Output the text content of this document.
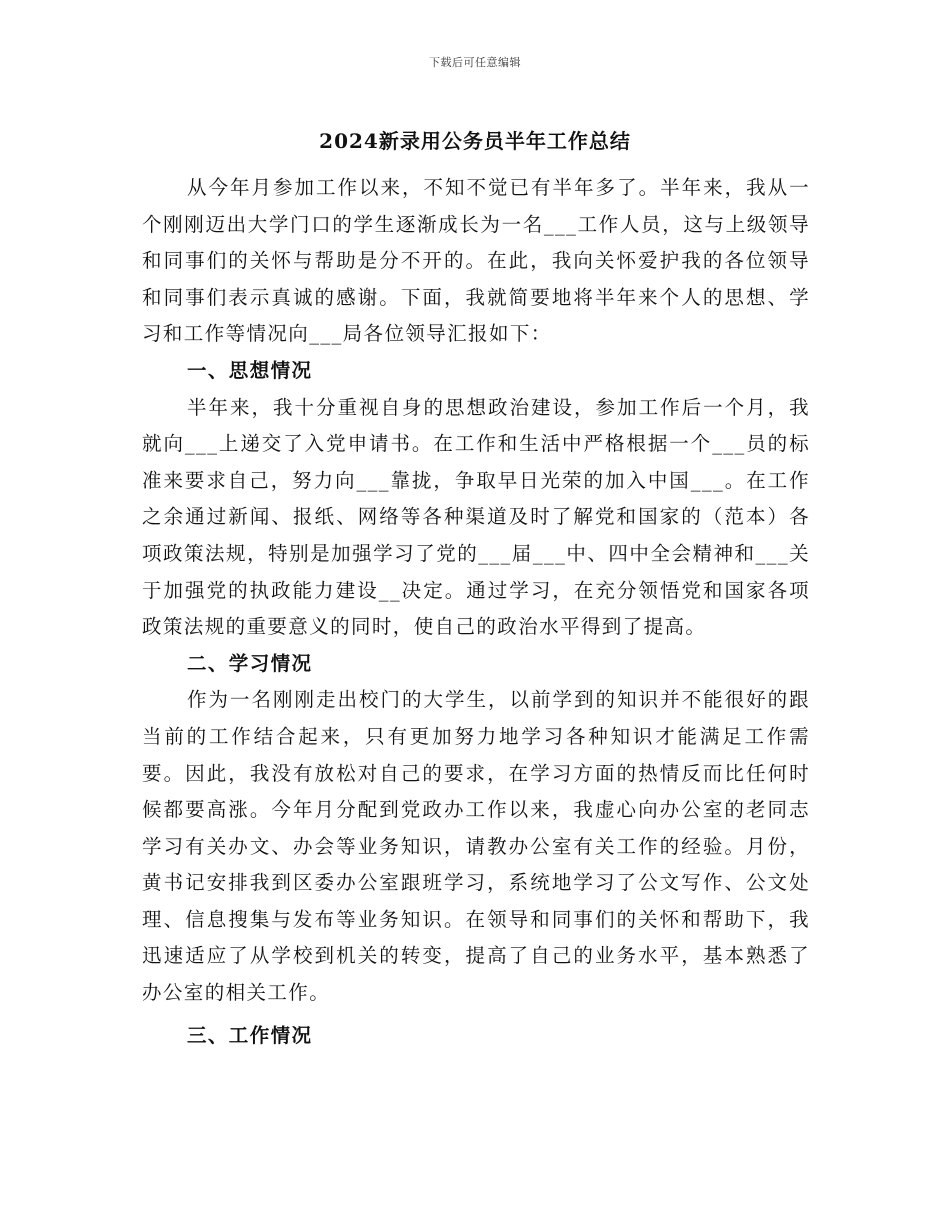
下载后可任意编辑
2024新录用公务员半年工作总结

从今年月参加工作以来，不知不觉已有半年多了。半年来，我从一个刚刚迈出大学门口的学生逐渐成长为一名___工作人员，这与上级领导和同事们的关怀与帮助是分不开的。在此，我向关怀爱护我的各位领导和同事们表示真诚的感谢。下面，我就简要地将半年来个人的思想、学习和工作等情况向___局各位领导汇报如下：

一、思想情况

半年来，我十分重视自身的思想政治建设，参加工作后一个月，我就向___上递交了入党申请书。在工作和生活中严格根据一个___员的标准来要求自己，努力向___靠拢，争取早日光荣的加入中国___。在工作之余通过新闻、报纸、网络等各种渠道及时了解党和国家的（范本）各项政策法规，特别是加强学习了党的___届___中、四中全会精神和___关于加强党的执政能力建设__决定。通过学习，在充分领悟党和国家各项政策法规的重要意义的同时，使自己的政治水平得到了提高。

二、学习情况

作为一名刚刚走出校门的大学生，以前学到的知识并不能很好的跟当前的工作结合起来，只有更加努力地学习各种知识才能满足工作需要。因此，我没有放松对自己的要求，在学习方面的热情反而比任何时候都要高涨。今年月分配到党政办工作以来，我虚心向办公室的老同志学习有关办文、办会等业务知识，请教办公室有关工作的经验。月份，黄书记安排我到区委办公室跟班学习，系统地学习了公文写作、公文处理、信息搜集与发布等业务知识。在领导和同事们的关怀和帮助下，我迅速适应了从学校到机关的转变，提高了自己的业务水平，基本熟悉了办公室的相关工作。

三、工作情况
